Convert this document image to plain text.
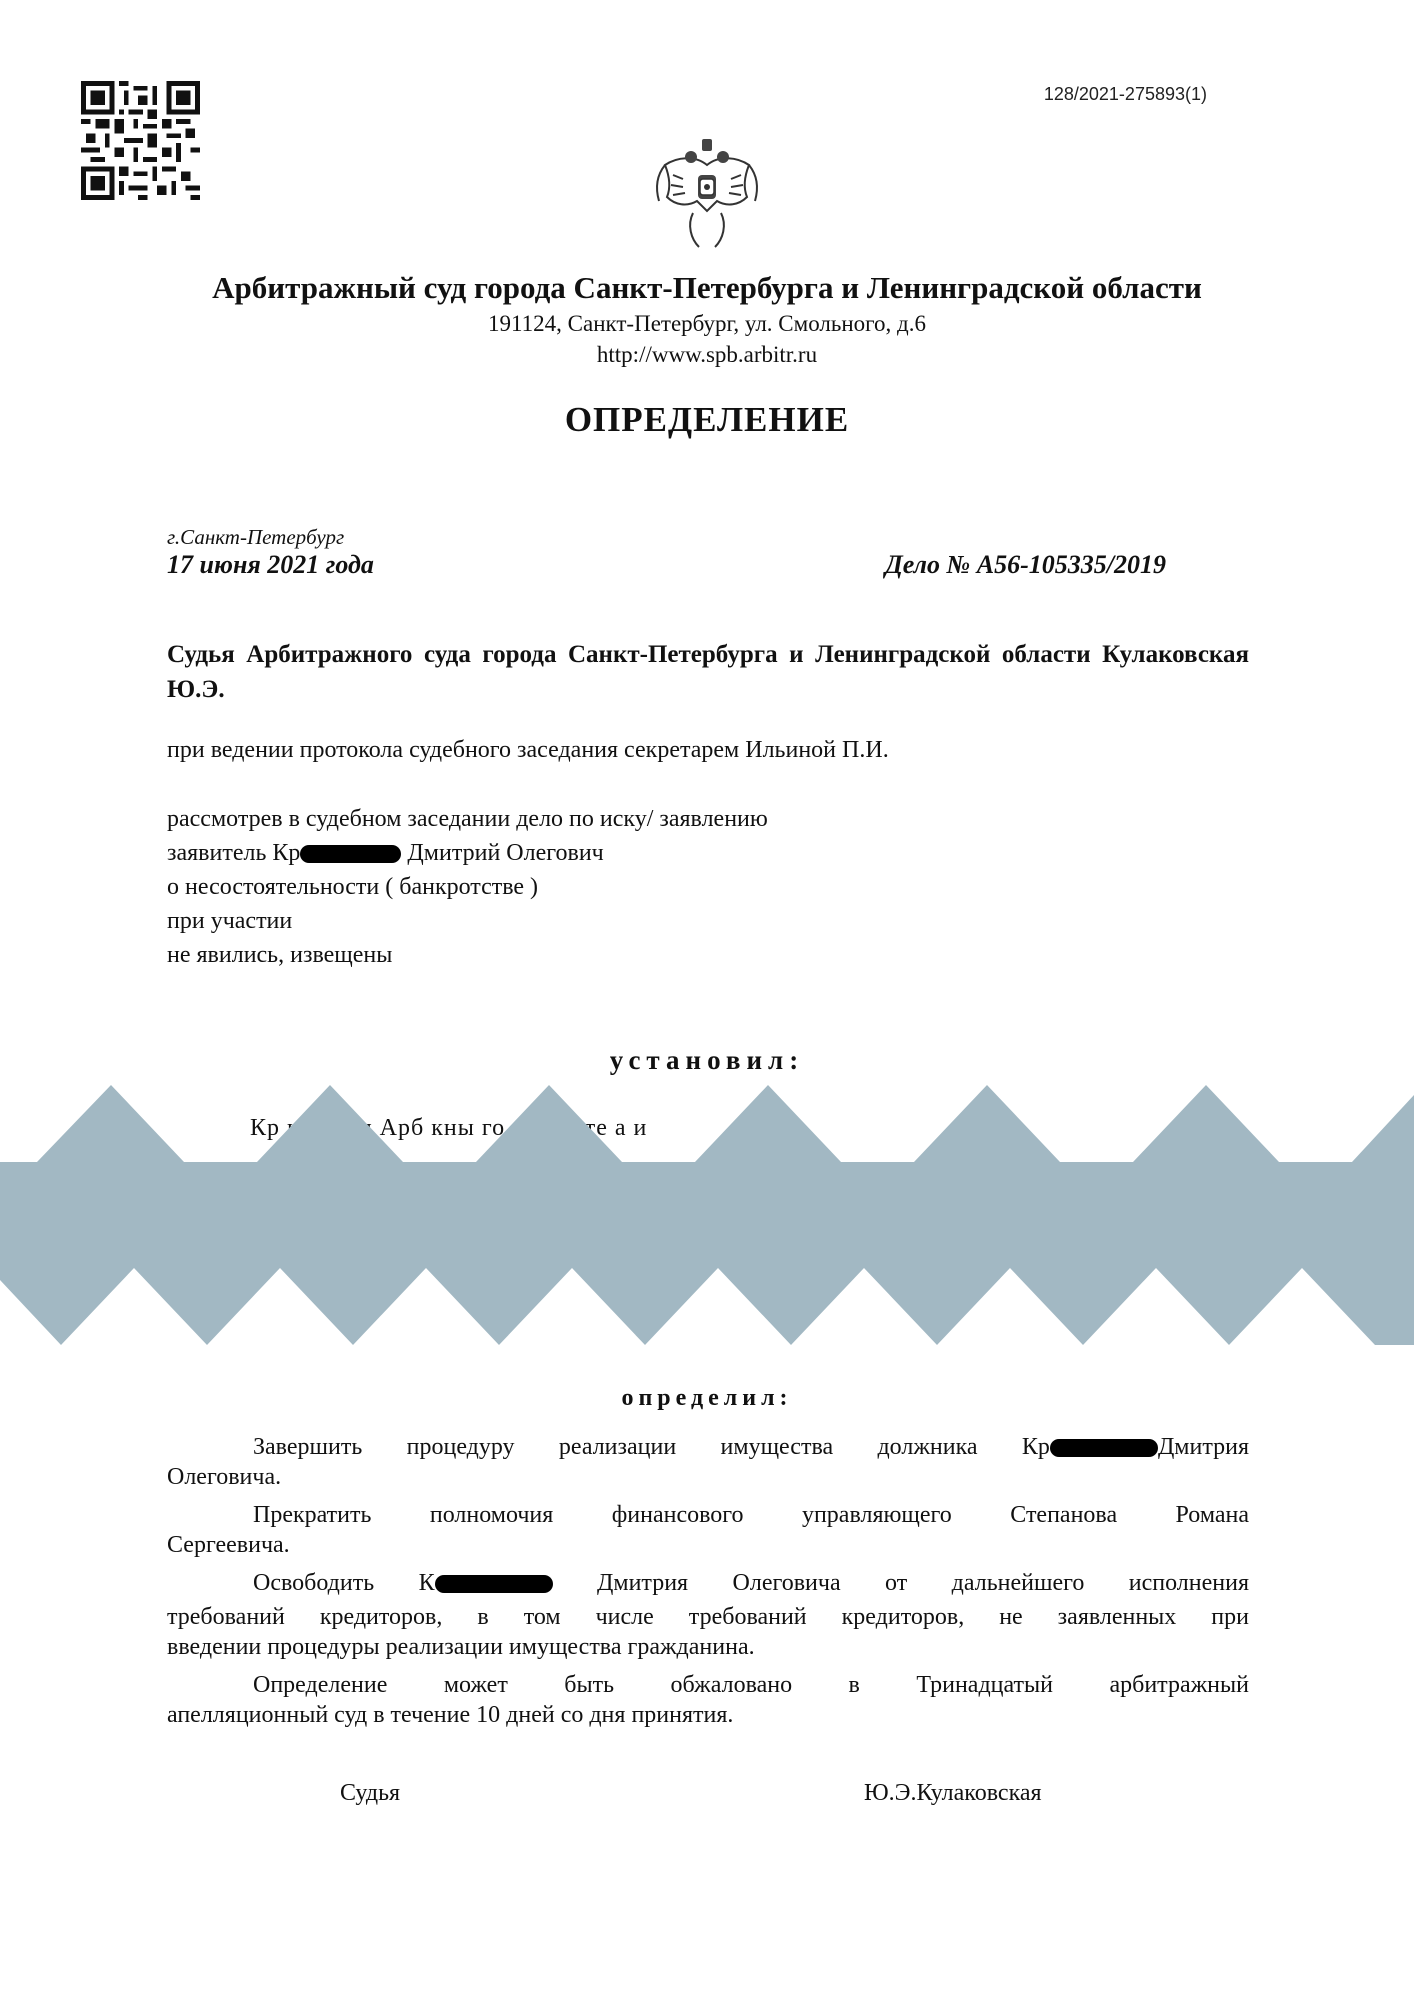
128/2021-275893(1)
Арбитражный суд города Санкт-Петербурга и Ленинградской области
191124, Санкт-Петербург, ул. Смольного, д.6
http://www.spb.arbitr.ru
ОПРЕДЕЛЕНИЕ
г.Санкт-Петербург
17 июня 2021 года	Дело № А56-105335/2019
Судья Арбитражного суда города Санкт-Петербурга и Ленинградской области Кулаковская Ю.Э.
при ведении протокола судебного заседания секретарем Ильиной П.И.
рассмотрев в судебном заседании дело по иску/ заявлению
заявитель Кр	Дмитрий Олегович
о несостоятельности ( банкротстве )
при участии
не явились, извещены
установил:
Кр кий тил Арб кны го Сан тете а и
определил:
Завершить процедуру реализации имущества должника Кр	Дмитрия
Олеговича.
Прекратить полномочия финансового управляющего Степанова Романа
Сергеевича.
Освободить К	Дмитрия Олеговича от дальнейшего исполнения
требований кредиторов, в том числе требований кредиторов, не заявленных при
введении процедуры реализации имущества гражданина.
Определение может быть обжаловано в Тринадцатый арбитражный
апелляционный суд в течение 10 дней со дня принятия.
Судья	Ю.Э.Кулаковская
